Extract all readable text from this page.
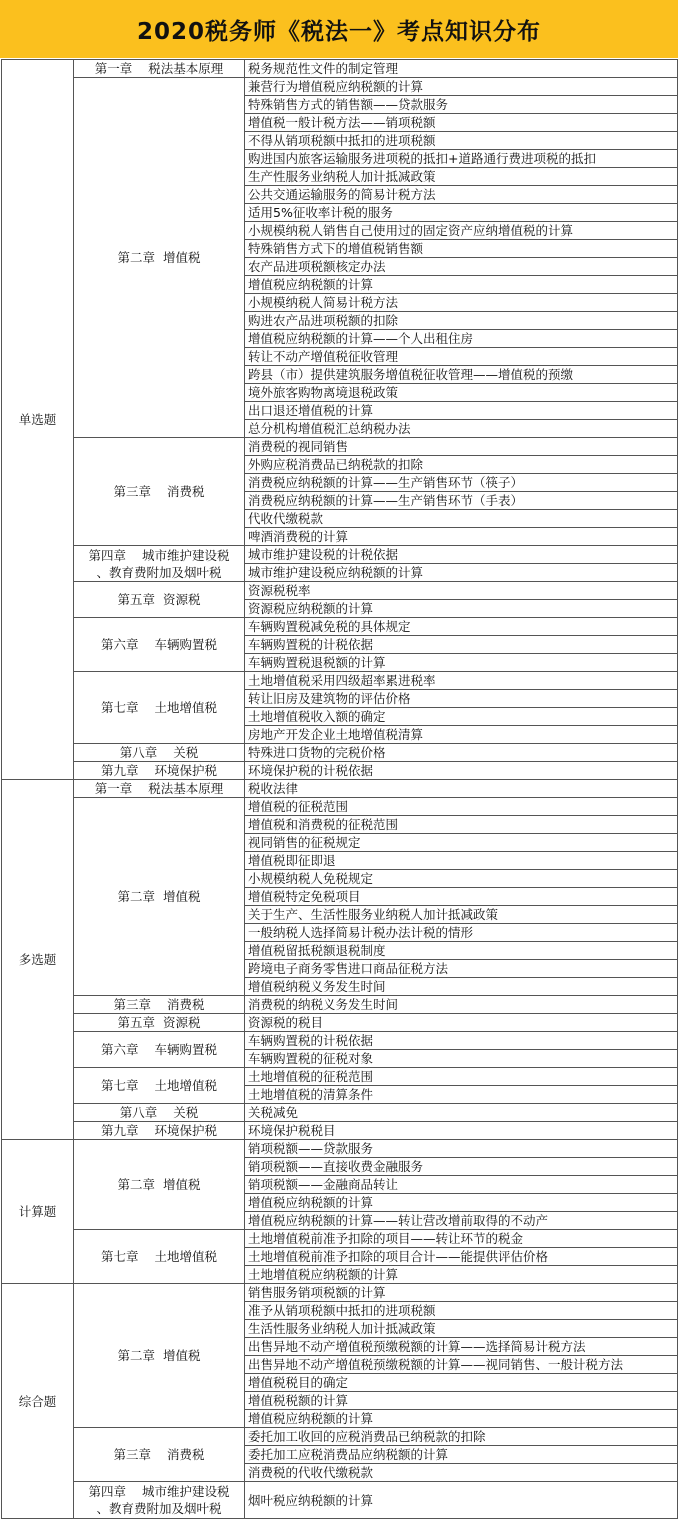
2020税务师《税法一》考点知识分布
单选题	第一章    税法基本原理	税务规范性文件的制定管理
	第二章  增值税	兼营行为增值税应纳税额的计算
		特殊销售方式的销售额——贷款服务
		增值税一般计税方法——销项税额
		不得从销项税额中抵扣的进项税额
		购进国内旅客运输服务进项税的抵扣+道路通行费进项税的抵扣
		生产性服务业纳税人加计抵减政策
		公共交通运输服务的简易计税方法
		适用5%征收率计税的服务
		小规模纳税人销售自己使用过的固定资产应纳增值税的计算
		特殊销售方式下的增值税销售额
		农产品进项税额核定办法
		增值税应纳税额的计算
		小规模纳税人简易计税方法
		购进农产品进项税额的扣除
		增值税应纳税额的计算——个人出租住房
		转让不动产增值税征收管理
		跨县（市）提供建筑服务增值税征收管理——增值税的预缴
		境外旅客购物离境退税政策
		出口退还增值税的计算
		总分机构增值税汇总纳税办法
	第三章    消费税	消费税的视同销售
		外购应税消费品已纳税款的扣除
		消费税应纳税额的计算——生产销售环节（筷子）
		消费税应纳税额的计算——生产销售环节（手表）
		代收代缴税款
		啤酒消费税的计算
	第四章    城市维护建设税
、教育费附加及烟叶税	城市维护建设税的计税依据
		城市维护建设税应纳税额的计算
	第五章  资源税	资源税税率
		资源税应纳税额的计算
	第六章    车辆购置税	车辆购置税减免税的具体规定
		车辆购置税的计税依据
		车辆购置税退税额的计算
	第七章    土地增值税	土地增值税采用四级超率累进税率
		转让旧房及建筑物的评估价格
		土地增值税收入额的确定
		房地产开发企业土地增值税清算
	第八章    关税	特殊进口货物的完税价格
	第九章    环境保护税	环境保护税的计税依据
多选题	第一章    税法基本原理	税收法律
	第二章  增值税	增值税的征税范围
		增值税和消费税的征税范围
		视同销售的征税规定
		增值税即征即退
		小规模纳税人免税规定
		增值税特定免税项目
		关于生产、生活性服务业纳税人加计抵减政策
		一般纳税人选择简易计税办法计税的情形
		增值税留抵税额退税制度
		跨境电子商务零售进口商品征税方法
		增值税纳税义务发生时间
	第三章    消费税	消费税的纳税义务发生时间
	第五章  资源税	资源税的税目
	第六章    车辆购置税	车辆购置税的计税依据
		车辆购置税的征税对象
	第七章    土地增值税	土地增值税的征税范围
		土地增值税的清算条件
	第八章    关税	关税减免
	第九章    环境保护税	环境保护税税目
计算题	第二章  增值税	销项税额——贷款服务
		销项税额——直接收费金融服务
		销项税额——金融商品转让
		增值税应纳税额的计算
		增值税应纳税额的计算——转让营改增前取得的不动产
	第七章    土地增值税	土地增值税前准予扣除的项目——转让环节的税金
		土地增值税前准予扣除的项目合计——能提供评估价格
		土地增值税应纳税额的计算
综合题	第二章  增值税	销售服务销项税额的计算
		准予从销项税额中抵扣的进项税额
		生活性服务业纳税人加计抵减政策
		出售异地不动产增值税预缴税额的计算——选择简易计税方法
		出售异地不动产增值税预缴税额的计算——视同销售、一般计税方法
		增值税税目的确定
		增值税税额的计算
		增值税应纳税额的计算
	第三章    消费税	委托加工收回的应税消费品已纳税款的扣除
		委托加工应税消费品应纳税额的计算
		消费税的代收代缴税款
	第四章    城市维护建设税
、教育费附加及烟叶税	烟叶税应纳税额的计算
